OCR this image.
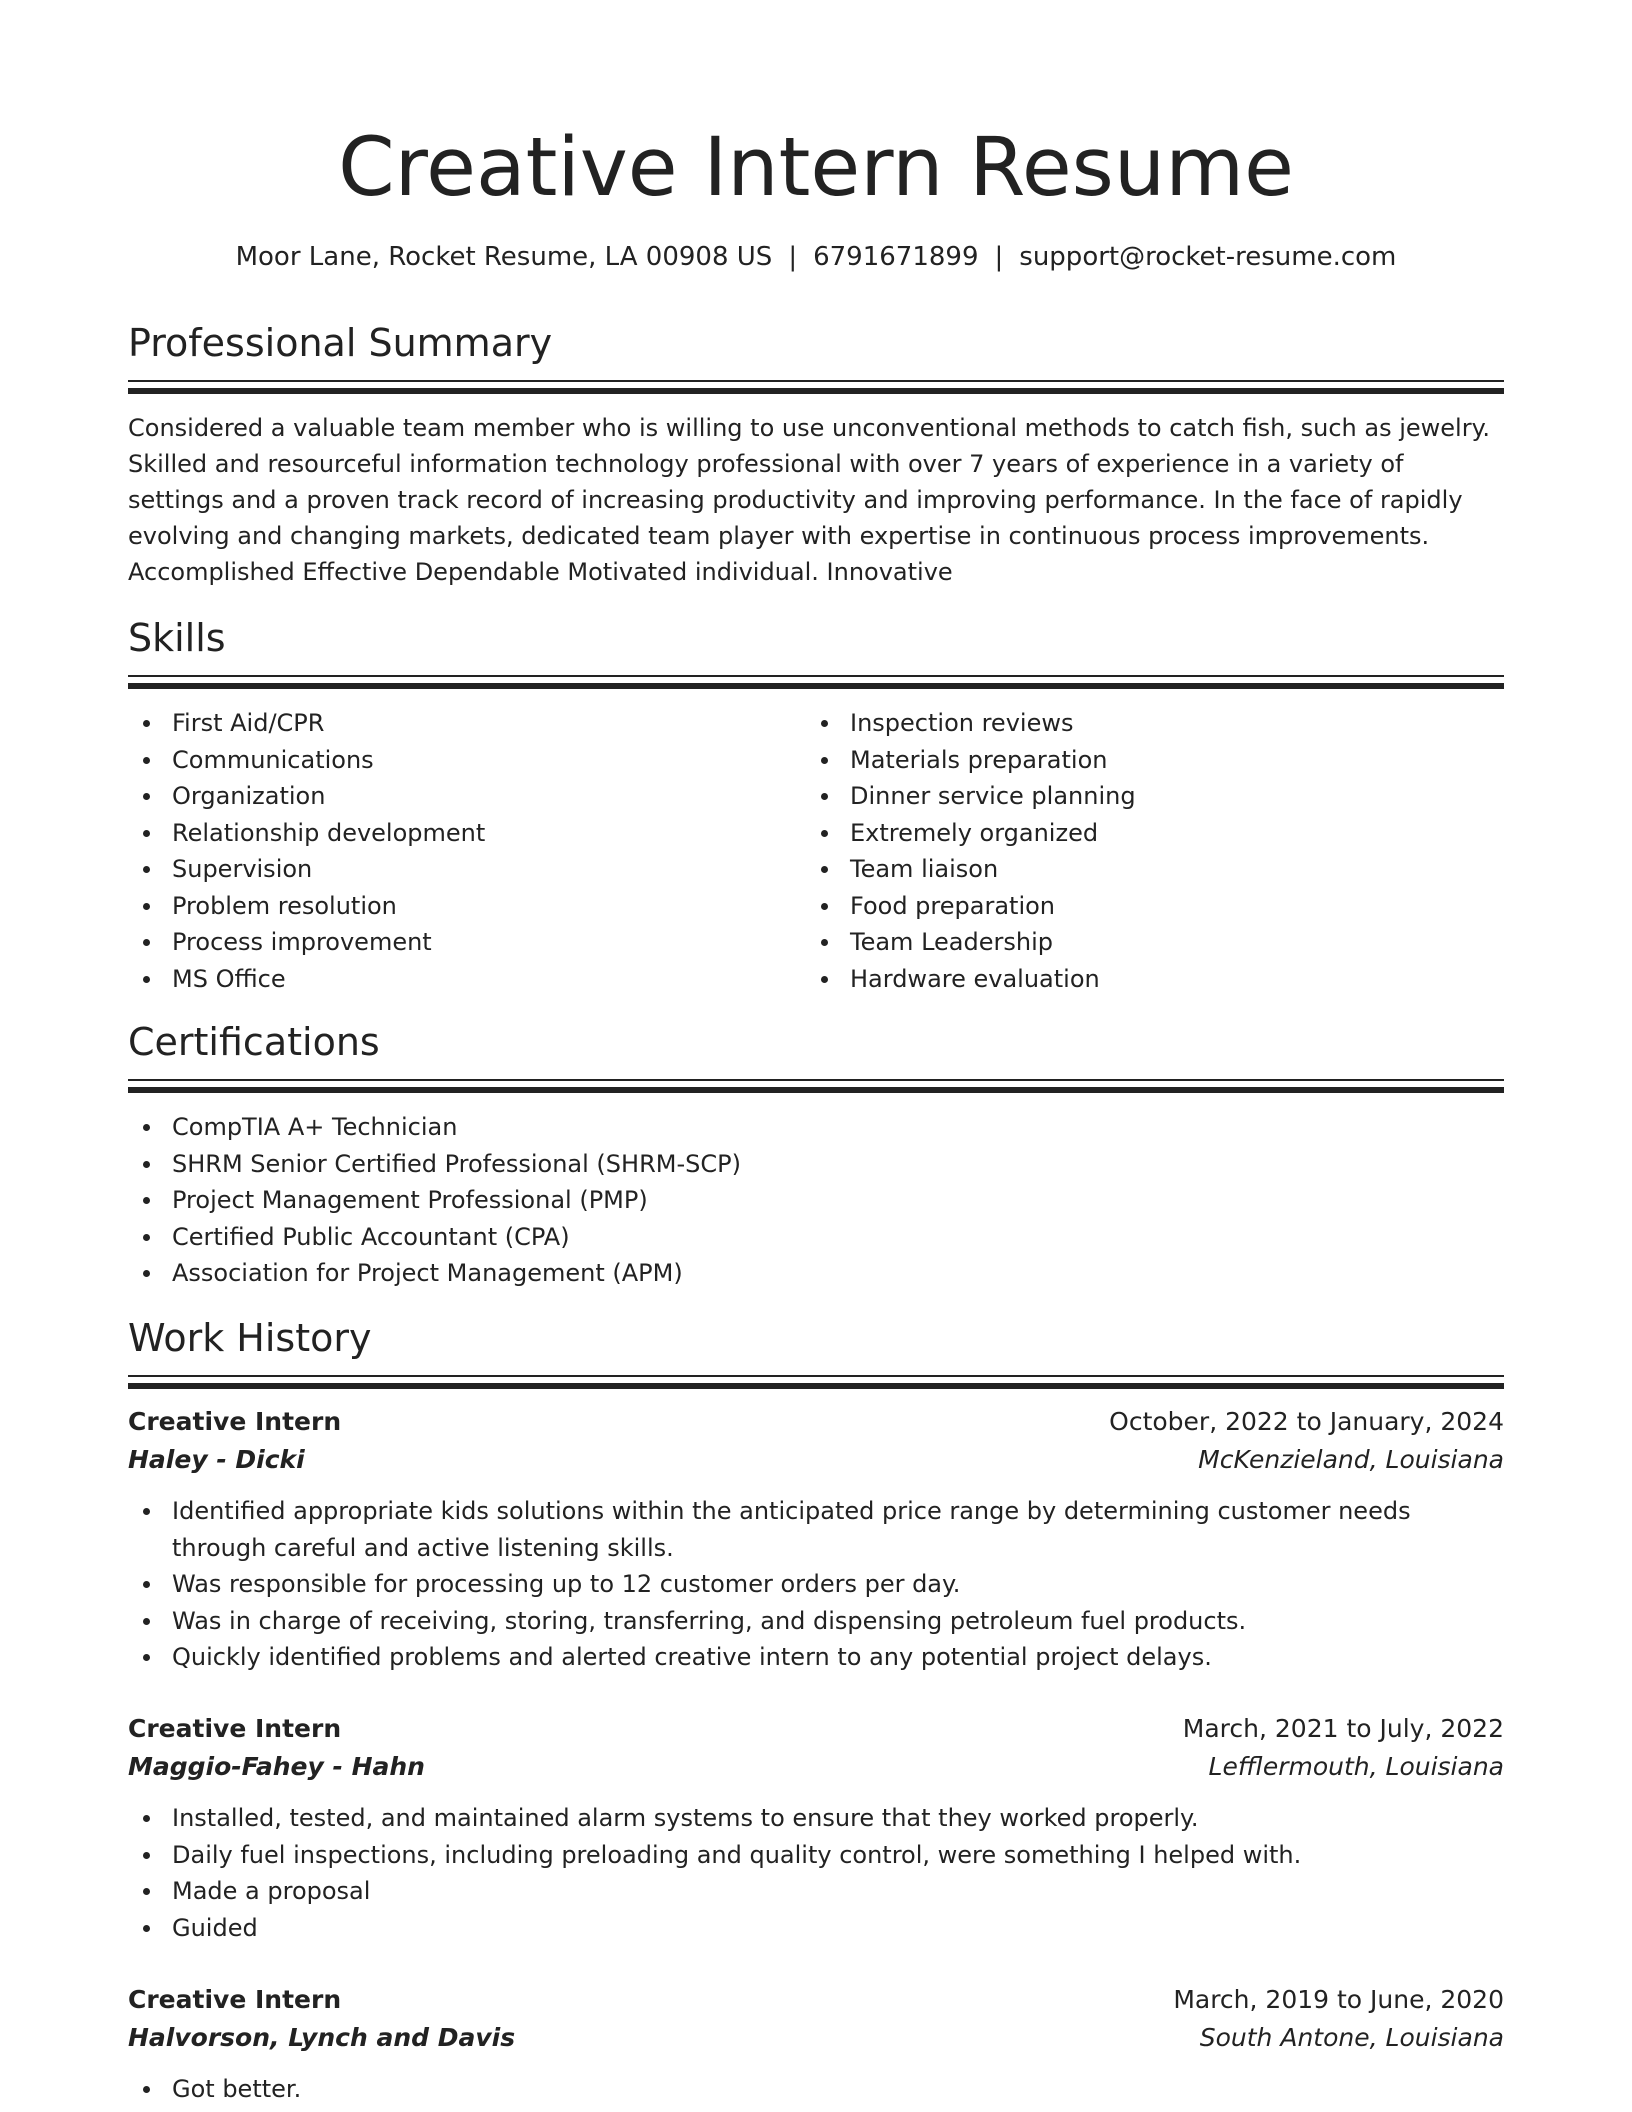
Creative Intern Resume
Moor Lane, Rocket Resume, LA 00908 US | 6791671899 | support@rocket-resume.com
Professional Summary

Considered a valuable team member who is willing to use unconventional methods to catch fish, such as jewelry. Skilled and resourceful information technology professional with over 7 years of experience in a variety of settings and a proven track record of increasing productivity and improving performance. In the face of rapidly evolving and changing markets, dedicated team player with expertise in continuous process improvements. Accomplished Effective Dependable Motivated individual. Innovative

Skills
First Aid/CPR
Communications
Organization
Relationship development
Supervision
Problem resolution
Process improvement
MS Office
Inspection reviews
Materials preparation
Dinner service planning
Extremely organized
Team liaison
Food preparation
Team Leadership
Hardware evaluation
Certifications
CompTIA A+ Technician
SHRM Senior Certified Professional (SHRM-SCP)
Project Management Professional (PMP)
Certified Public Accountant (CPA)
Association for Project Management (APM)
Work History
Creative Intern	October, 2022 to January, 2024
Haley - Dicki	McKenzieland, Louisiana
Identified appropriate kids solutions within the anticipated price range by determining customer needs through careful and active listening skills.
Was responsible for processing up to 12 customer orders per day.
Was in charge of receiving, storing, transferring, and dispensing petroleum fuel products.
Quickly identified problems and alerted creative intern to any potential project delays.
Creative Intern	March, 2021 to July, 2022
Maggio-Fahey - Hahn	Lefflermouth, Louisiana
Installed, tested, and maintained alarm systems to ensure that they worked properly.
Daily fuel inspections, including preloading and quality control, were something I helped with.
Made a proposal
Guided
Creative Intern	March, 2019 to June, 2020
Halvorson, Lynch and Davis	South Antone, Louisiana
Got better.
